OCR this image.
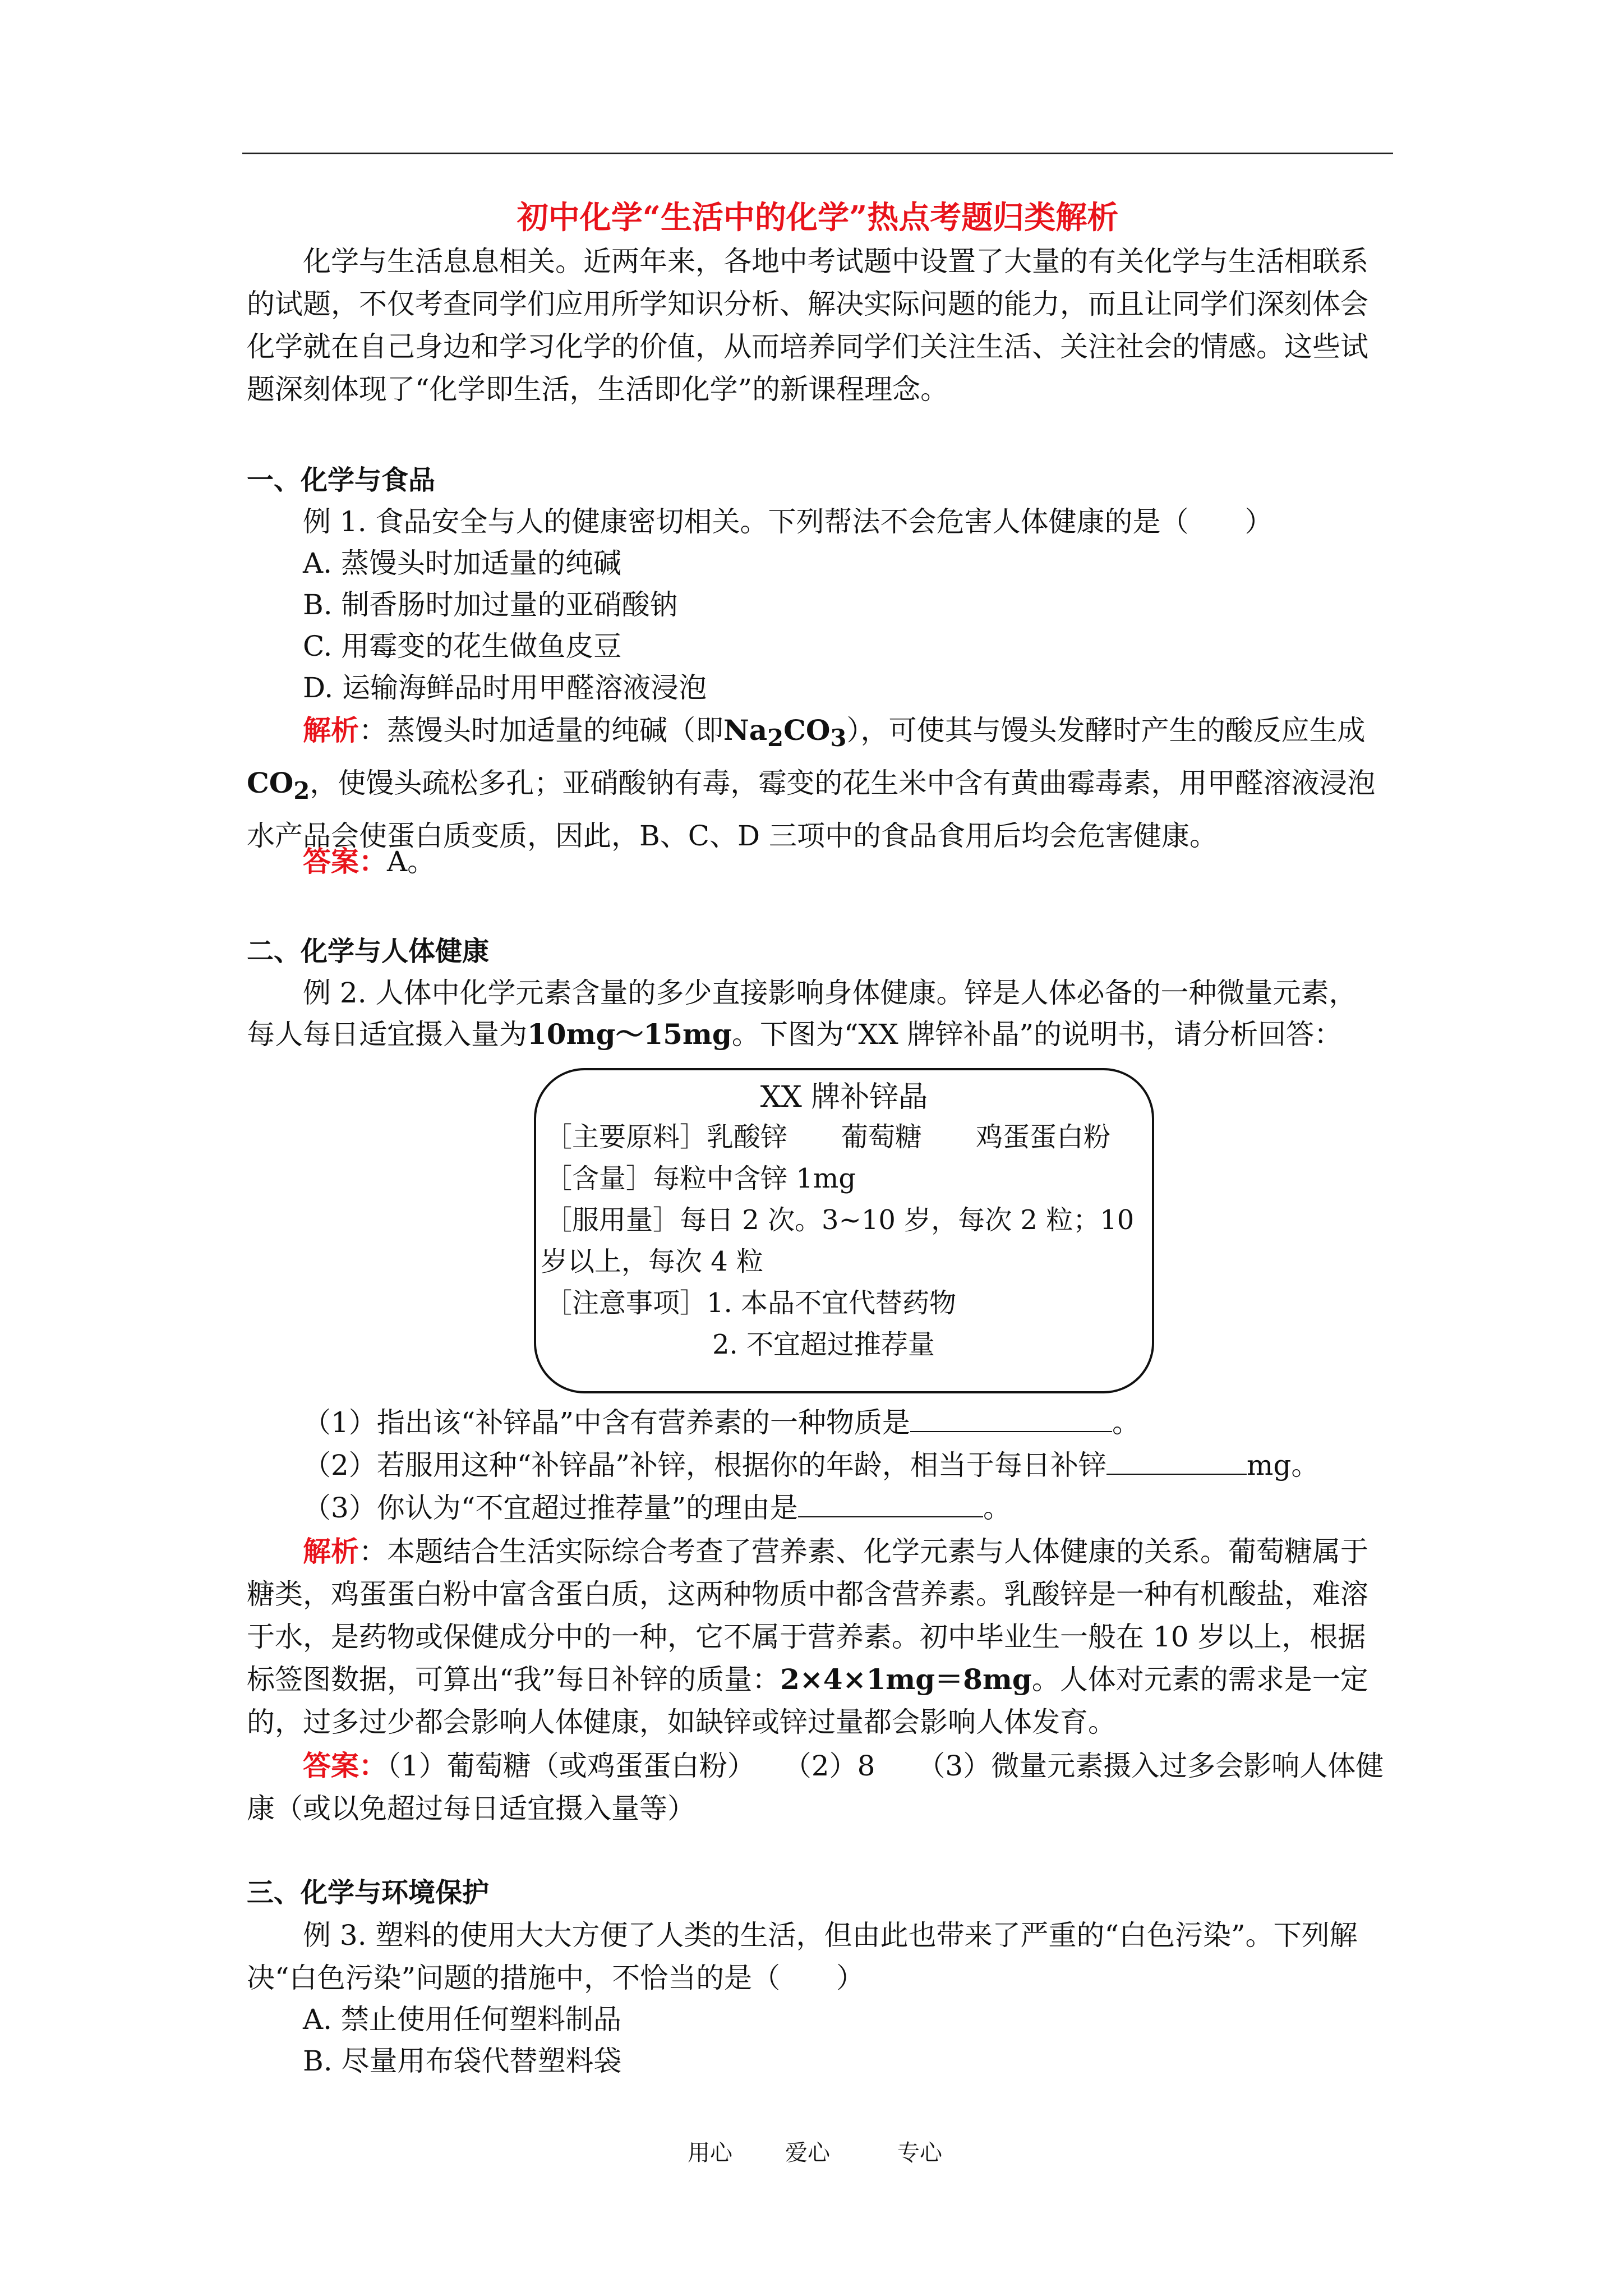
初中化学“生活中的化学”热点考题归类解析
化学与生活息息相关。近两年来，各地中考试题中设置了大量的有关化学与生活相联系的试题，不仅考查同学们应用所学知识分析、解决实际问题的能力，而且让同学们深刻体会化学就在自己身边和学习化学的价值，从而培养同学们关注生活、关注社会的情感。这些试题深刻体现了“化学即生活，生活即化学”的新课程理念。
一、化学与食品
例 1. 食品安全与人的健康密切相关。下列帮法不会危害人体健康的是（　　）
A. 蒸馒头时加适量的纯碱
B. 制香肠时加过量的亚硝酸钠
C. 用霉变的花生做鱼皮豆
D. 运输海鲜品时用甲醛溶液浸泡
解析：蒸馒头时加适量的纯碱（即$Na_2CO_3$），可使其与馒头发酵时产生的酸反应生成$CO_2$，使馒头疏松多孔；亚硝酸钠有毒，霉变的花生米中含有黄曲霉毒素，用甲醛溶液浸泡水产品会使蛋白质变质，因此，B、C、D 三项中的食品食用后均会危害健康。
答案：A。
二、化学与人体健康
例 2. 人体中化学元素含量的多少直接影响身体健康。锌是人体必备的一种微量元素，
每人每日适宜摄入量为10mg～15mg。下图为“XX 牌锌补晶”的说明书，请分析回答：
XX 牌补锌晶
［主要原料］乳酸锌　　葡萄糖　　鸡蛋蛋白粉
［含量］每粒中含锌 1mg
［服用量］每日 2 次。3~10 岁，每次 2 粒；10
岁以上，每次 4 粒
［注意事项］1. 本品不宜代替药物
2. 不宜超过推荐量
（1）指出该“补锌晶”中含有营养素的一种物质是	。
（2）若服用这种“补锌晶”补锌，根据你的年龄，相当于每日补锌	mg。
（3）你认为“不宜超过推荐量”的理由是	。
解析：本题结合生活实际综合考查了营养素、化学元素与人体健康的关系。葡萄糖属于糖类，鸡蛋蛋白粉中富含蛋白质，这两种物质中都含营养素。乳酸锌是一种有机酸盐，难溶于水，是药物或保健成分中的一种，它不属于营养素。初中毕业生一般在 10 岁以上，根据标签图数据，可算出“我”每日补锌的质量：2×4×1mg＝8mg。人体对元素的需求是一定的，过多过少都会影响人体健康，如缺锌或锌过量都会影响人体发育。
答案：（1）葡萄糖（或鸡蛋蛋白粉）　　（2）8　　（3）微量元素摄入过多会影响人体健康（或以免超过每日适宜摄入量等）
三、化学与环境保护
例 3. 塑料的使用大大方便了人类的生活，但由此也带来了严重的“白色污染”。下列解决“白色污染”问题的措施中，不恰当的是（　　）
A. 禁止使用任何塑料制品
B. 尽量用布袋代替塑料袋
用心 爱心	专心
